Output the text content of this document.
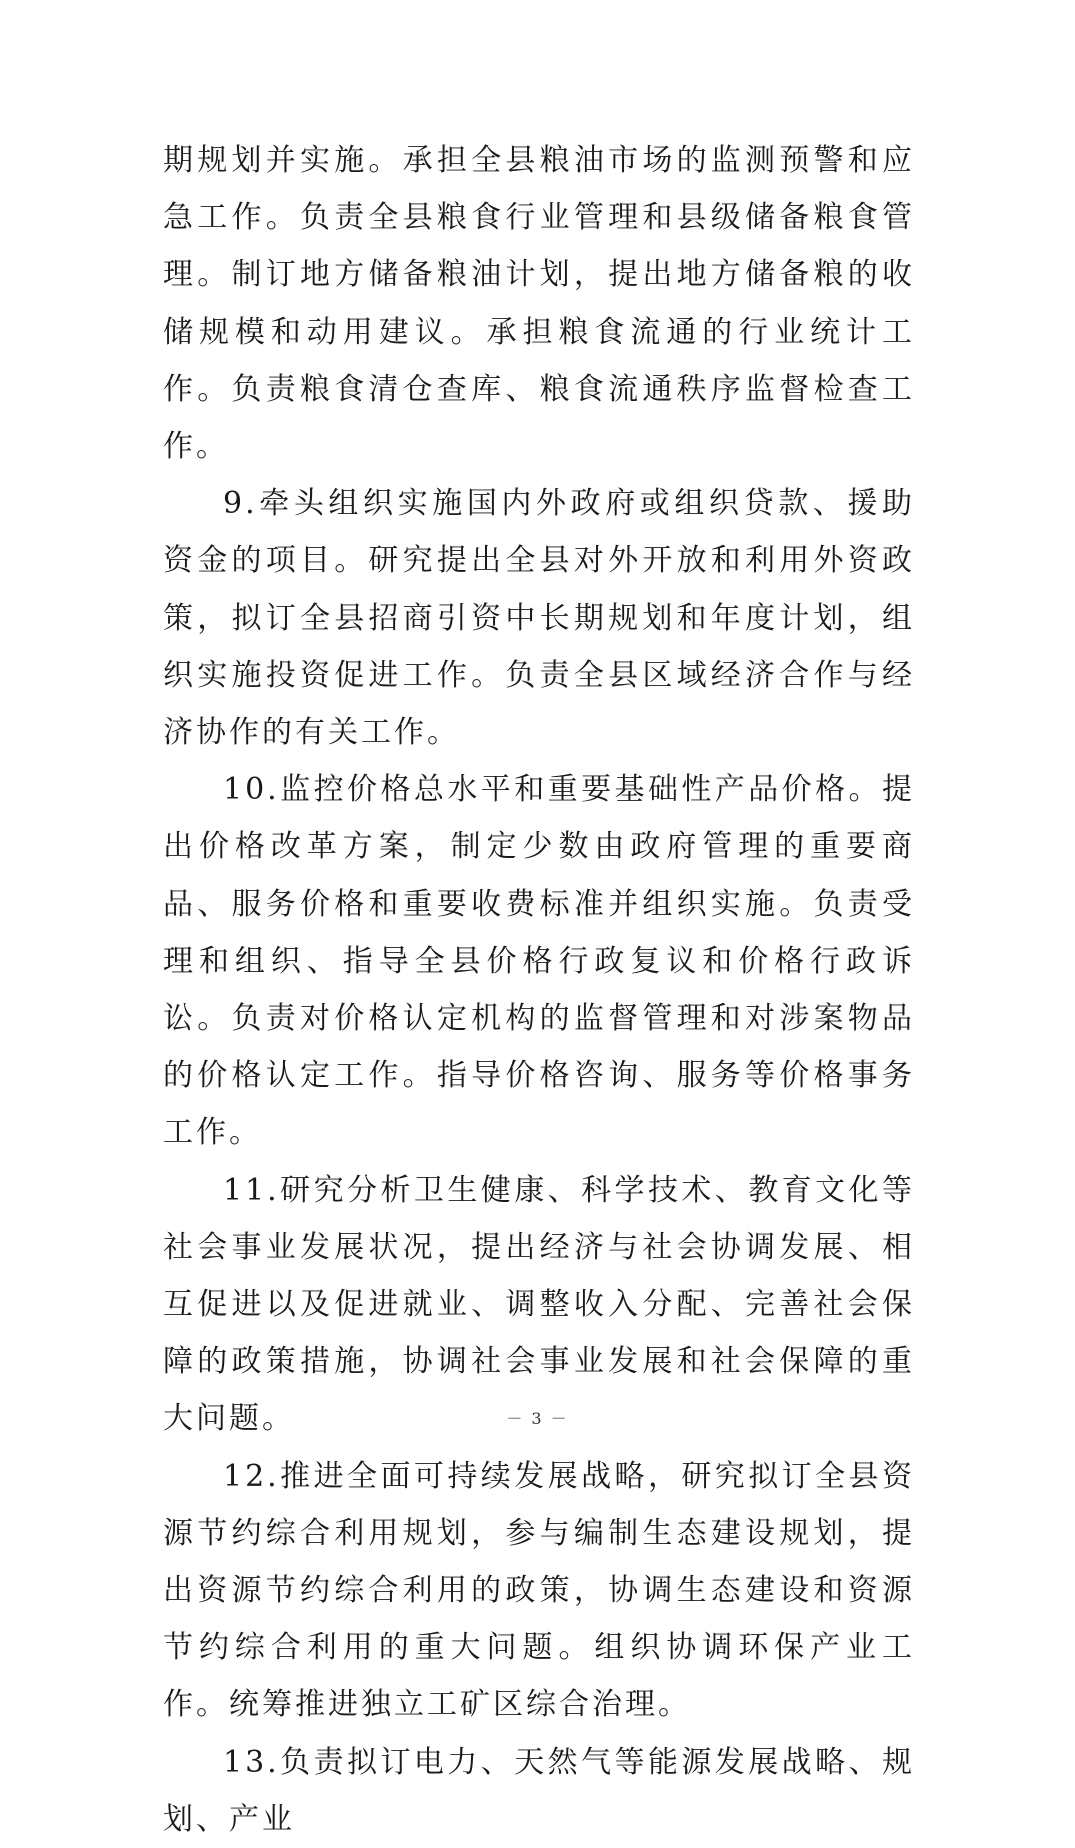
期规划并实施。承担全县粮油市场的监测预警和应急工作。负责全县粮食行业管理和县级储备粮食管理。制订地方储备粮油计划，提出地方储备粮的收储规模和动用建议。承担粮食流通的行业统计工作。负责粮食清仓查库、粮食流通秩序监督检查工作。

9.牵头组织实施国内外政府或组织贷款、援助资金的项目。研究提出全县对外开放和利用外资政策，拟订全县招商引资中长期规划和年度计划，组织实施投资促进工作。负责全县区域经济合作与经济协作的有关工作。

10.监控价格总水平和重要基础性产品价格。提出价格改革方案，制定少数由政府管理的重要商品、服务价格和重要收费标准并组织实施。负责受理和组织、指导全县价格行政复议和价格行政诉讼。负责对价格认定机构的监督管理和对涉案物品的价格认定工作。指导价格咨询、服务等价格事务工作。

11.研究分析卫生健康、科学技术、教育文化等社会事业发展状况，提出经济与社会协调发展、相互促进以及促进就业、调整收入分配、完善社会保障的政策措施，协调社会事业发展和社会保障的重大问题。

12.推进全面可持续发展战略，研究拟订全县资源节约综合利用规划，参与编制生态建设规划，提出资源节约综合利用的政策，协调生态建设和资源节约综合利用的重大问题。组织协调环保产业工作。统筹推进独立工矿区综合治理。

13.负责拟订电力、天然气等能源发展战略、规划、产业

－ 3 －
